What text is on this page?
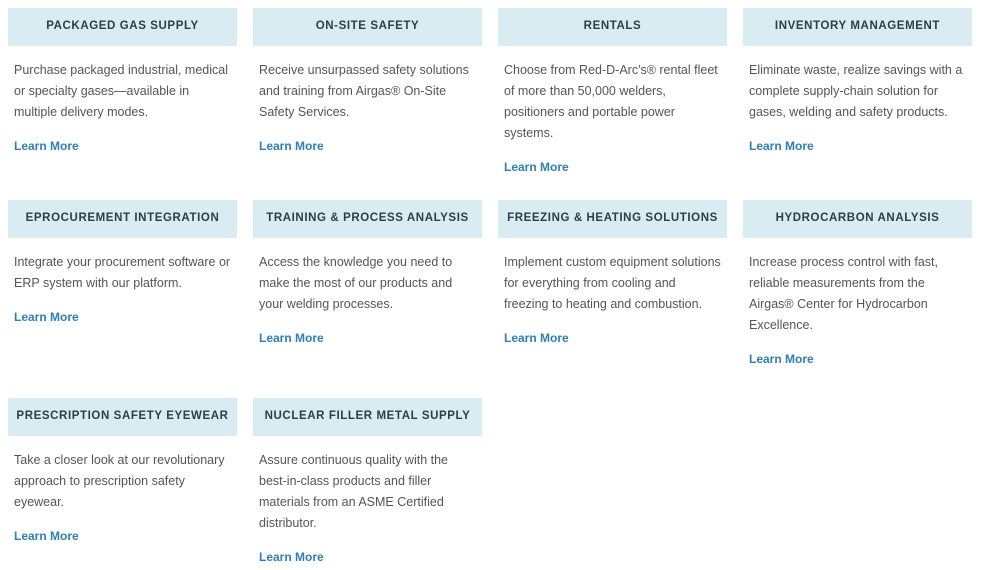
PACKAGED GAS SUPPLY

Purchase packaged industrial, medical or specialty gases—available in multiple delivery modes.

Learn More
ON-SITE SAFETY

Receive unsurpassed safety solutions and training from Airgas® On-Site Safety Services.

Learn More
RENTALS

Choose from Red-D-Arc's® rental fleet of more than 50,000 welders, positioners and portable power systems.

Learn More
INVENTORY MANAGEMENT

Eliminate waste, realize savings with a complete supply-chain solution for gases, welding and safety products.

Learn More
EPROCUREMENT INTEGRATION

Integrate your procurement software or ERP system with our platform.

Learn More
TRAINING & PROCESS ANALYSIS

Access the knowledge you need to make the most of our products and your welding processes.

Learn More
FREEZING & HEATING SOLUTIONS

Implement custom equipment solutions for everything from cooling and freezing to heating and combustion.

Learn More
HYDROCARBON ANALYSIS

Increase process control with fast, reliable measurements from the Airgas® Center for Hydrocarbon Excellence.

Learn More
PRESCRIPTION SAFETY EYEWEAR

Take a closer look at our revolutionary approach to prescription safety eyewear.

Learn More
NUCLEAR FILLER METAL SUPPLY

Assure continuous quality with the best-in-class products and filler materials from an ASME Certified distributor.

Learn More
